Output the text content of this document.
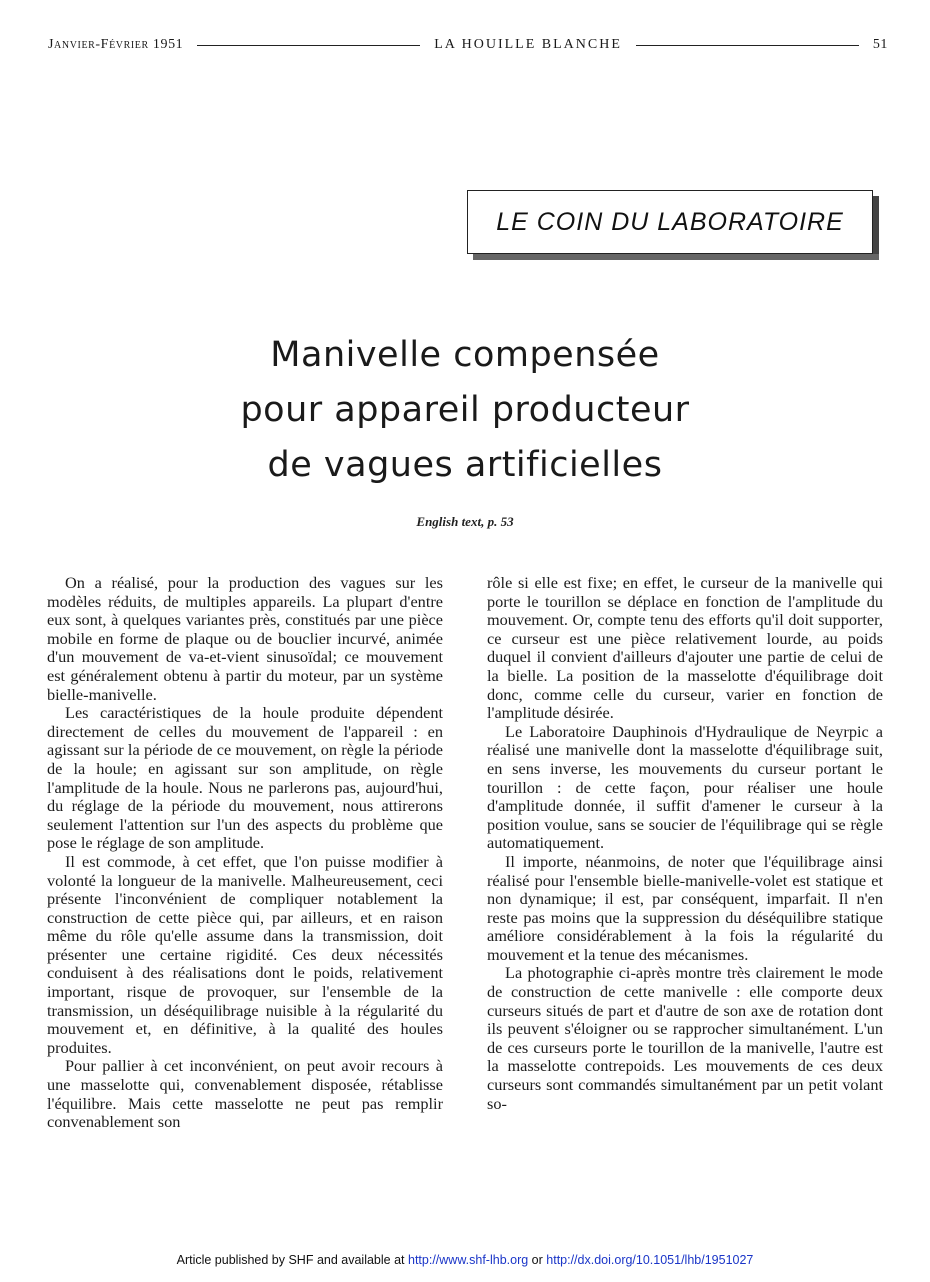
Janvier-Février 1951	LA HOUILLE BLANCHE	51
LE COIN DU LABORATOIRE
Manivelle compensée
pour appareil producteur
de vagues artificielles
English text, p. 53

On a réalisé, pour la production des vagues sur les modèles réduits, de multiples appareils. La plupart d'entre eux sont, à quelques variantes près, constitués par une pièce mobile en forme de plaque ou de bouclier incurvé, animée d'un mouvement de va-et-vient sinusoïdal; ce mouvement est généralement obtenu à partir du moteur, par un système bielle-manivelle.

Les caractéristiques de la houle produite dépendent directement de celles du mouvement de l'appareil : en agissant sur la période de ce mouvement, on règle la période de la houle; en agissant sur son amplitude, on règle l'amplitude de la houle. Nous ne parlerons pas, aujourd'hui, du réglage de la période du mouvement, nous attirerons seulement l'attention sur l'un des aspects du problème que pose le réglage de son amplitude.

Il est commode, à cet effet, que l'on puisse modifier à volonté la longueur de la manivelle. Malheureusement, ceci présente l'inconvénient de compliquer notablement la construction de cette pièce qui, par ailleurs, et en raison même du rôle qu'elle assume dans la transmission, doit présenter une certaine rigidité. Ces deux nécessités conduisent à des réalisations dont le poids, relativement important, risque de provoquer, sur l'ensemble de la transmission, un déséquilibrage nuisible à la régularité du mouvement et, en définitive, à la qualité des houles produites.

Pour pallier à cet inconvénient, on peut avoir recours à une masselotte qui, convenablement disposée, rétablisse l'équilibre. Mais cette masselotte ne peut pas remplir convenablement son

rôle si elle est fixe; en effet, le curseur de la manivelle qui porte le tourillon se déplace en fonction de l'amplitude du mouvement. Or, compte tenu des efforts qu'il doit supporter, ce curseur est une pièce relativement lourde, au poids duquel il convient d'ailleurs d'ajouter une partie de celui de la bielle. La position de la masselotte d'équilibrage doit donc, comme celle du curseur, varier en fonction de l'amplitude désirée.

Le Laboratoire Dauphinois d'Hydraulique de Neyrpic a réalisé une manivelle dont la masselotte d'équilibrage suit, en sens inverse, les mouvements du curseur portant le tourillon : de cette façon, pour réaliser une houle d'amplitude donnée, il suffit d'amener le curseur à la position voulue, sans se soucier de l'équilibrage qui se règle automatiquement.

Il importe, néanmoins, de noter que l'équilibrage ainsi réalisé pour l'ensemble bielle-manivelle-volet est statique et non dynamique; il est, par conséquent, imparfait. Il n'en reste pas moins que la suppression du déséquilibre statique améliore considérablement à la fois la régularité du mouvement et la tenue des mécanismes.

La photographie ci-après montre très clairement le mode de construction de cette manivelle : elle comporte deux curseurs situés de part et d'autre de son axe de rotation dont ils peuvent s'éloigner ou se rapprocher simultanément. L'un de ces curseurs porte le tourillon de la manivelle, l'autre est la masselotte contrepoids. Les mouvements de ces deux curseurs sont commandés simultanément par un petit volant so-

Article published by SHF and available at http://www.shf-lhb.org or http://dx.doi.org/10.1051/lhb/1951027
